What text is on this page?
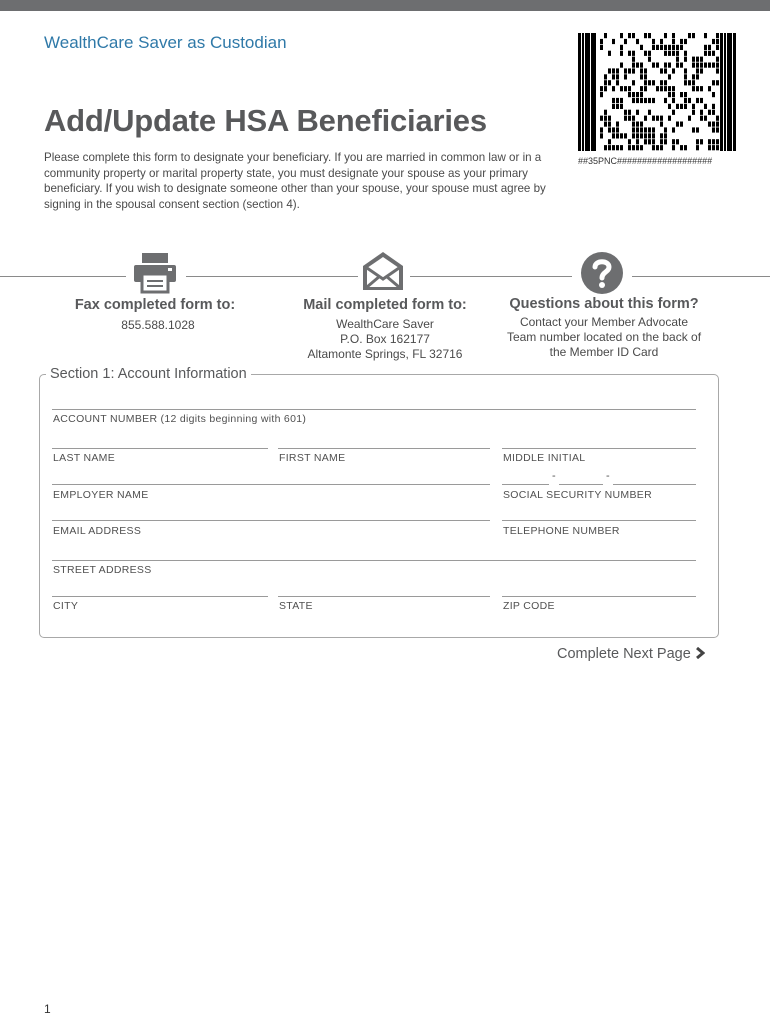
WealthCare Saver as Custodian
Add/Update HSA Beneficiaries
Please complete this form to designate your beneficiary. If you are married in common law or in a community property or marital property state, you must designate your spouse as your primary beneficiary. If you wish to designate someone other than your spouse, your spouse must agree by signing in the spousal consent section (section 4).
##35PNC###################
Fax completed form to:
855.588.1028
Mail completed form to:
WealthCare Saver
P.O. Box 162177
Altamonte Springs, FL 32716
Questions about this form?
Contact your Member Advocate
Team number located on the back of
the Member ID Card
Section 1: Account Information
ACCOUNT NUMBER (12 digits beginning with 601)
LAST NAME	FIRST NAME	MIDDLE INITIAL
-	-
EMPLOYER NAME	SOCIAL SECURITY NUMBER
EMAIL ADDRESS	TELEPHONE NUMBER
STREET ADDRESS
CITY	STATE	ZIP CODE
Complete Next Page
1
